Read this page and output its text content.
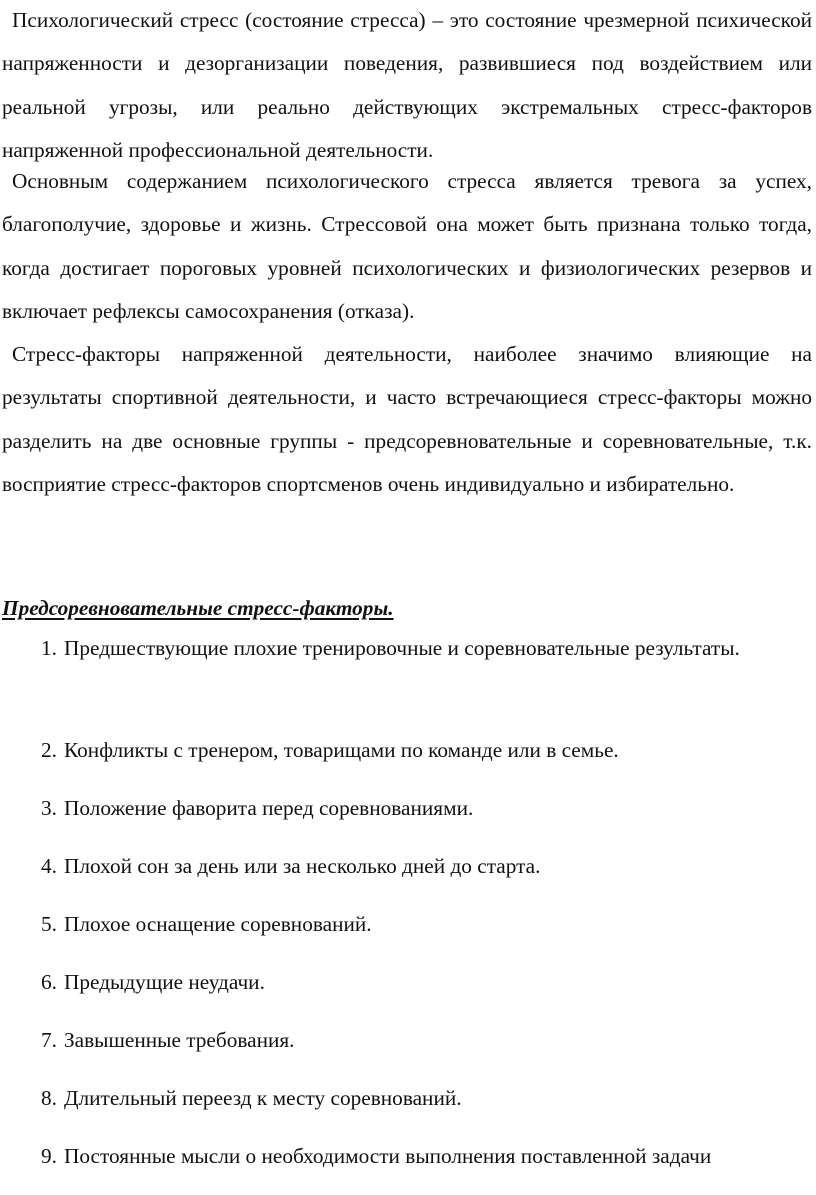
Психологический стресс (состояние стресса) – это состояние чрезмерной психической напряженности и дезорганизации поведения, развившиеся под воздействием или реальной угрозы, или реально действующих экстремальных стресс-факторов напряженной профессиональной деятельности.

Основным содержанием психологического стресса является тревога за успех, благополучие, здоровье и жизнь. Стрессовой она может быть признана только тогда, когда достигает пороговых уровней психологических и физиологических резервов и включает рефлексы самосохранения (отказа).

Стресс-факторы напряженной деятельности, наиболее значимо влияющие на результаты спортивной деятельности, и часто встречающиеся стресс-факторы можно разделить на две основные группы - предсоревновательные и соревновательные, т.к. восприятие стресс-факторов спортсменов очень индивидуально и избирательно.

Предсоревновательные стресс-факторы.

1. Предшествующие плохие тренировочные и соревновательные результаты.
2. Конфликты с тренером, товарищами по команде или в семье.
3. Положение фаворита перед соревнованиями.
4. Плохой сон за день или за несколько дней до старта.
5. Плохое оснащение соревнований.
6. Предыдущие неудачи.
7. Завышенные требования.
8. Длительный переезд к месту соревнований.
9. Постоянные мысли о необходимости выполнения поставленной задачи
